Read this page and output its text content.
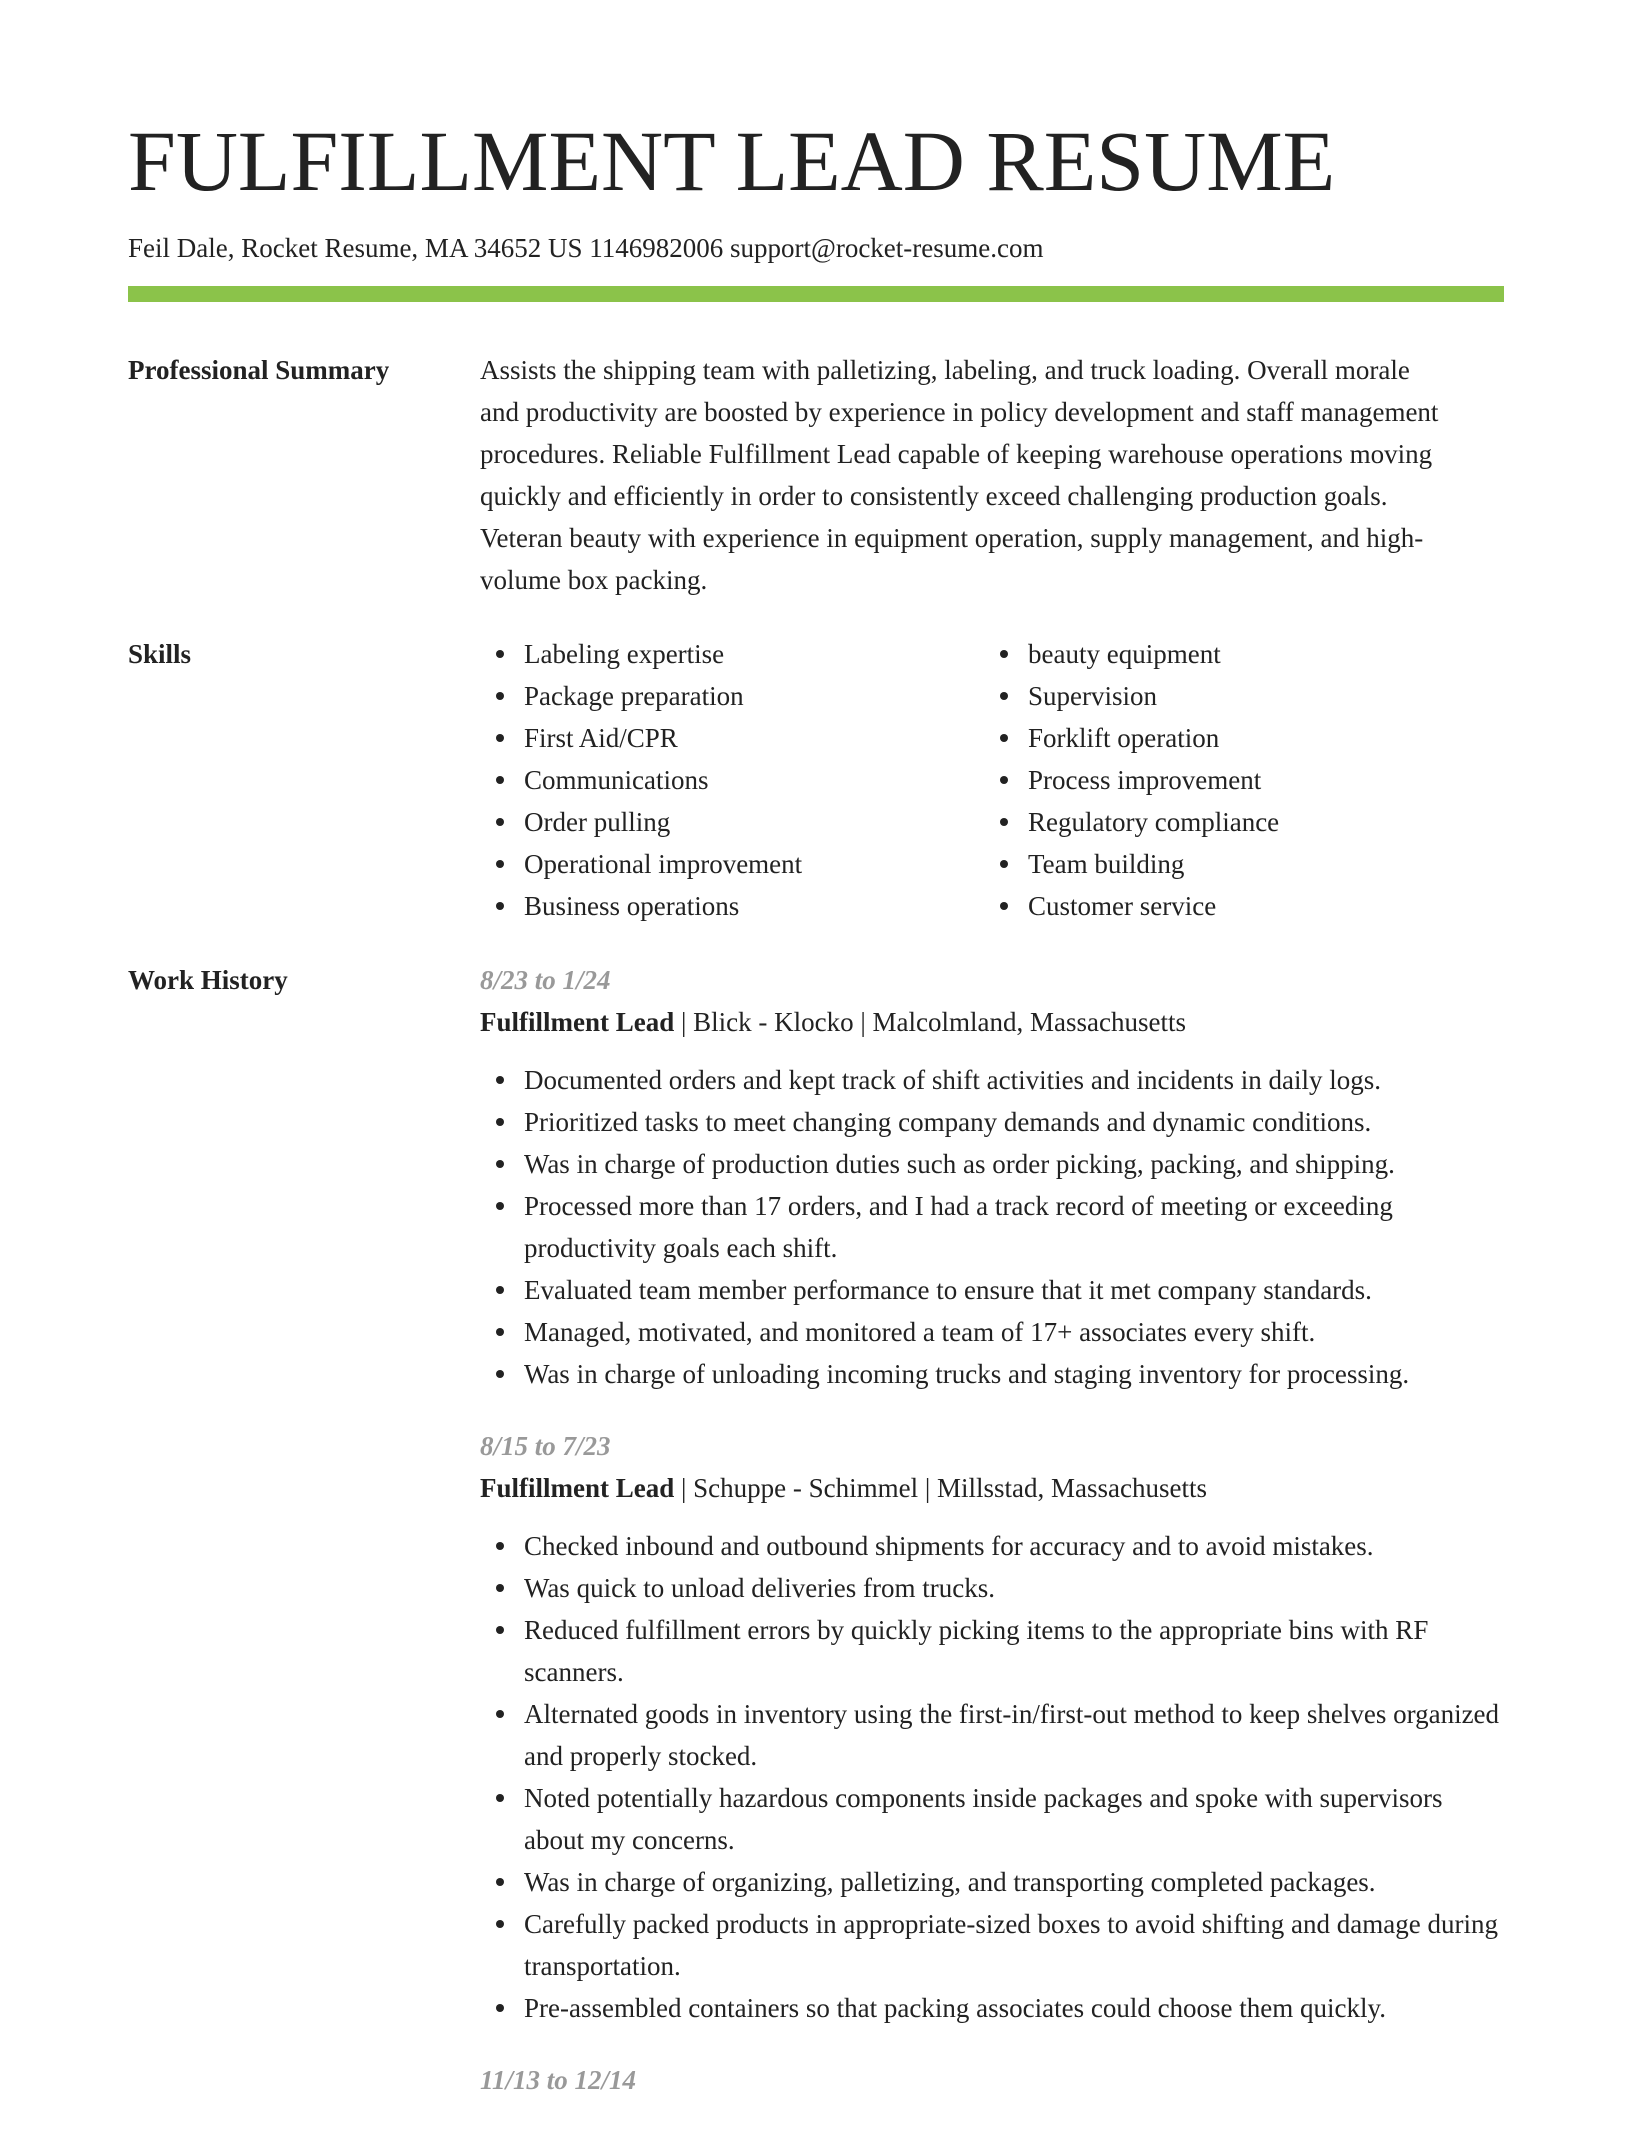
FULFILLMENT LEAD RESUME
Feil Dale, Rocket Resume, MA 34652 US 1146982006 support@rocket-resume.com
Professional Summary	Assists the shipping team with palletizing, labeling, and truck loading. Overall morale
and productivity are boosted by experience in policy development and staff management
procedures. Reliable Fulfillment Lead capable of keeping warehouse operations moving
quickly and efficiently in order to consistently exceed challenging production goals.
Veteran beauty with experience in equipment operation, supply management, and high-
volume box packing.
Skills	Labeling expertise
Package preparation
First Aid/CPR
Communications
Order pulling
Operational improvement
Business operations
beauty equipment
Supervision
Forklift operation
Process improvement
Regulatory compliance
Team building
Customer service
Work History	8/23 to 1/24
Fulfillment Lead | Blick - Klocko | Malcolmland, Massachusetts
Documented orders and kept track of shift activities and incidents in daily logs.
Prioritized tasks to meet changing company demands and dynamic conditions.
Was in charge of production duties such as order picking, packing, and shipping.
Processed more than 17 orders, and I had a track record of meeting or exceeding productivity goals each shift.
Evaluated team member performance to ensure that it met company standards.
Managed, motivated, and monitored a team of 17+ associates every shift.
Was in charge of unloading incoming trucks and staging inventory for processing.
8/15 to 7/23
Fulfillment Lead | Schuppe - Schimmel | Millsstad, Massachusetts
Checked inbound and outbound shipments for accuracy and to avoid mistakes.
Was quick to unload deliveries from trucks.
Reduced fulfillment errors by quickly picking items to the appropriate bins with RF scanners.
Alternated goods in inventory using the first-in/first-out method to keep shelves organized and properly stocked.
Noted potentially hazardous components inside packages and spoke with supervisors about my concerns.
Was in charge of organizing, palletizing, and transporting completed packages.
Carefully packed products in appropriate-sized boxes to avoid shifting and damage during transportation.
Pre-assembled containers so that packing associates could choose them quickly.
11/13 to 12/14
